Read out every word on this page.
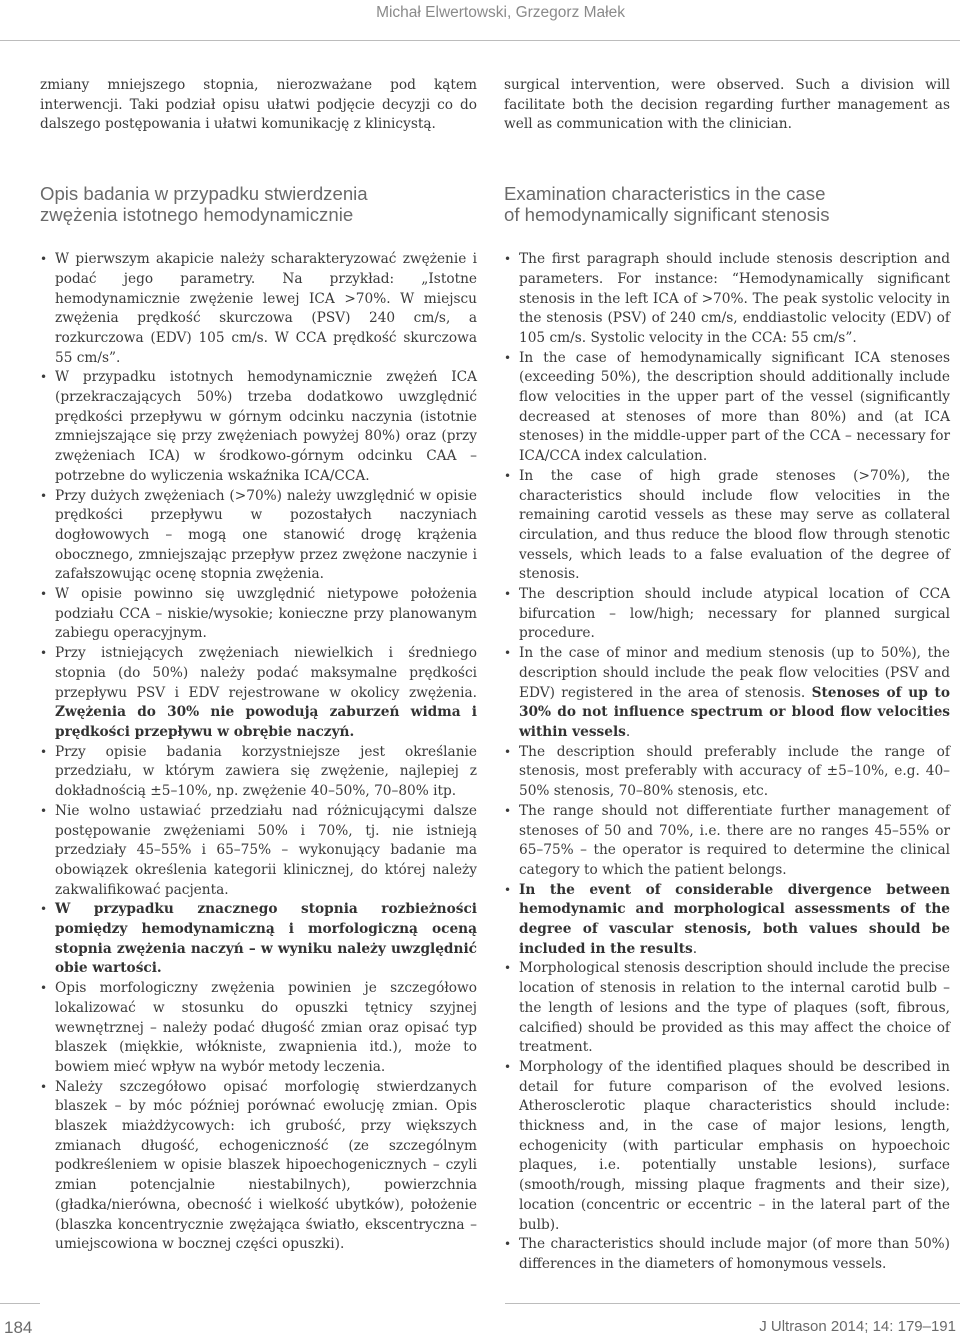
Michał Elwertowski, Grzegorz Małek

zmiany mniejszego stopnia, nierozważane pod kątem interwencji. Taki podział opisu ułatwi podjęcie decyzji co do dalszego postępowania i ułatwi komunikację z klinicystą.

Opis badania w przypadku stwierdzenia
zwężenia istotnego hemodynamicznie
• W pierwszym akapicie należy scharakteryzować zwężenie i podać jego parametry. Na przykład: „Istotne hemodynamicznie zwężenie lewej ICA >70%. W miejscu zwężenia prędkość skurczowa (PSV) 240 cm/s, a rozkurczowa (EDV) 105 cm/s. W CCA prędkość skurczowa 55 cm/s”.
• W przypadku istotnych hemodynamicznie zwężeń ICA (przekraczających 50%) trzeba dodatkowo uwzględnić prędkości przepływu w górnym odcinku naczynia (istotnie zmniejszające się przy zwężeniach powyżej 80%) oraz (przy zwężeniach ICA) w środkowo-górnym odcinku CAA – potrzebne do wyliczenia wskaźnika ICA/CCA.
• Przy dużych zwężeniach (>70%) należy uwzględnić w opisie prędkości przepływu w pozostałych naczyniach dogłowowych – mogą one stanowić drogę krążenia obocznego, zmniejszając przepływ przez zwężone naczynie i zafałszowując ocenę stopnia zwężenia.
• W opisie powinno się uwzględnić nietypowe położenia podziału CCA – niskie/wysokie; konieczne przy planowanym zabiegu operacyjnym.
• Przy istniejących zwężeniach niewielkich i średniego stopnia (do 50%) należy podać maksymalne prędkości przepływu PSV i EDV rejestrowane w okolicy zwężenia. Zwężenia do 30% nie powodują zaburzeń widma i prędkości przepływu w obrębie naczyń.
• Przy opisie badania korzystniejsze jest określanie przedziału, w którym zawiera się zwężenie, najlepiej z dokładnością ±5–10%, np. zwężenie 40–50%, 70–80% itp.
• Nie wolno ustawiać przedziału nad różnicującymi dalsze postępowanie zwężeniami 50% i 70%, tj. nie istnieją przedziały 45–55% i 65–75% – wykonujący badanie ma obowiązek określenia kategorii klinicznej, do której należy zakwalifikować pacjenta.
• W przypadku znacznego stopnia rozbieżności pomiędzy hemodynamiczną i morfologiczną oceną stopnia zwężenia naczyń – w wyniku należy uwzględnić obie wartości.
• Opis morfologiczny zwężenia powinien je szczegółowo lokalizować w stosunku do opuszki tętnicy szyjnej wewnętrznej – należy podać długość zmian oraz opisać typ blaszek (miękkie, włókniste, zwapnienia itd.), może to bowiem mieć wpływ na wybór metody leczenia.
• Należy szczegółowo opisać morfologię stwierdzanych blaszek – by móc później porównać ewolucję zmian. Opis blaszek miażdżycowych: ich grubość, przy większych zmianach długość, echogeniczność (ze szczególnym podkreśleniem w opisie blaszek hipoechogenicznych – czyli zmian potencjalnie niestabilnych), powierzchnia (gładka/nierówna, obecność i wielkość ubytków), położenie (blaszka koncentrycznie zwężająca światło, ekscentryczna – umiejscowiona w bocznej części opuszki).

surgical intervention, were observed. Such a division will facilitate both the decision regarding further management as well as communication with the clinician.

Examination characteristics in the case
of hemodynamically significant stenosis
• The first paragraph should include stenosis description and parameters. For instance: “Hemodynamically significant stenosis in the left ICA of >70%. The peak systolic velocity in the stenosis (PSV) of 240 cm/s, enddiastolic velocity (EDV) of 105 cm/s. Systolic velocity in the CCA: 55 cm/s”.
• In the case of hemodynamically significant ICA stenoses (exceeding 50%), the description should additionally include flow velocities in the upper part of the vessel (significantly decreased at stenoses of more than 80%) and (at ICA stenoses) in the middle-upper part of the CCA – necessary for ICA/CCA index calculation.
• In the case of high grade stenoses (>70%), the characteristics should include flow velocities in the remaining carotid vessels as these may serve as collateral circulation, and thus reduce the blood flow through stenotic vessels, which leads to a false evaluation of the degree of stenosis.
• The description should include atypical location of CCA bifurcation – low/high; necessary for planned surgical procedure.
• In the case of minor and medium stenosis (up to 50%), the description should include the peak flow velocities (PSV and EDV) registered in the area of stenosis. Stenoses of up to 30% do not influence spectrum or blood flow velocities within vessels.
• The description should preferably include the range of stenosis, most preferably with accuracy of ±5–10%, e.g. 40–50% stenosis, 70–80% stenosis, etc.
• The range should not differentiate further management of stenoses of 50 and 70%, i.e. there are no ranges 45–55% or 65–75% – the operator is required to determine the clinical category to which the patient belongs.
• In the event of considerable divergence between hemodynamic and morphological assessments of the degree of vascular stenosis, both values should be included in the results.
• Morphological stenosis description should include the precise location of stenosis in relation to the internal carotid bulb – the length of lesions and the type of plaques (soft, fibrous, calcified) should be provided as this may affect the choice of treatment.
• Morphology of the identified plaques should be described in detail for future comparison of the evolved lesions. Atherosclerotic plaque characteristics should include: thickness and, in the case of major lesions, length, echogenicity (with particular emphasis on hypoechoic plaques, i.e. potentially unstable lesions), surface (smooth/rough, missing plaque fragments and their size), location (concentric or eccentric – in the lateral part of the bulb).
• The characteristics should include major (of more than 50%) differences in the diameters of homonymous vessels.
184	J Ultrason 2014; 14: 179–191
